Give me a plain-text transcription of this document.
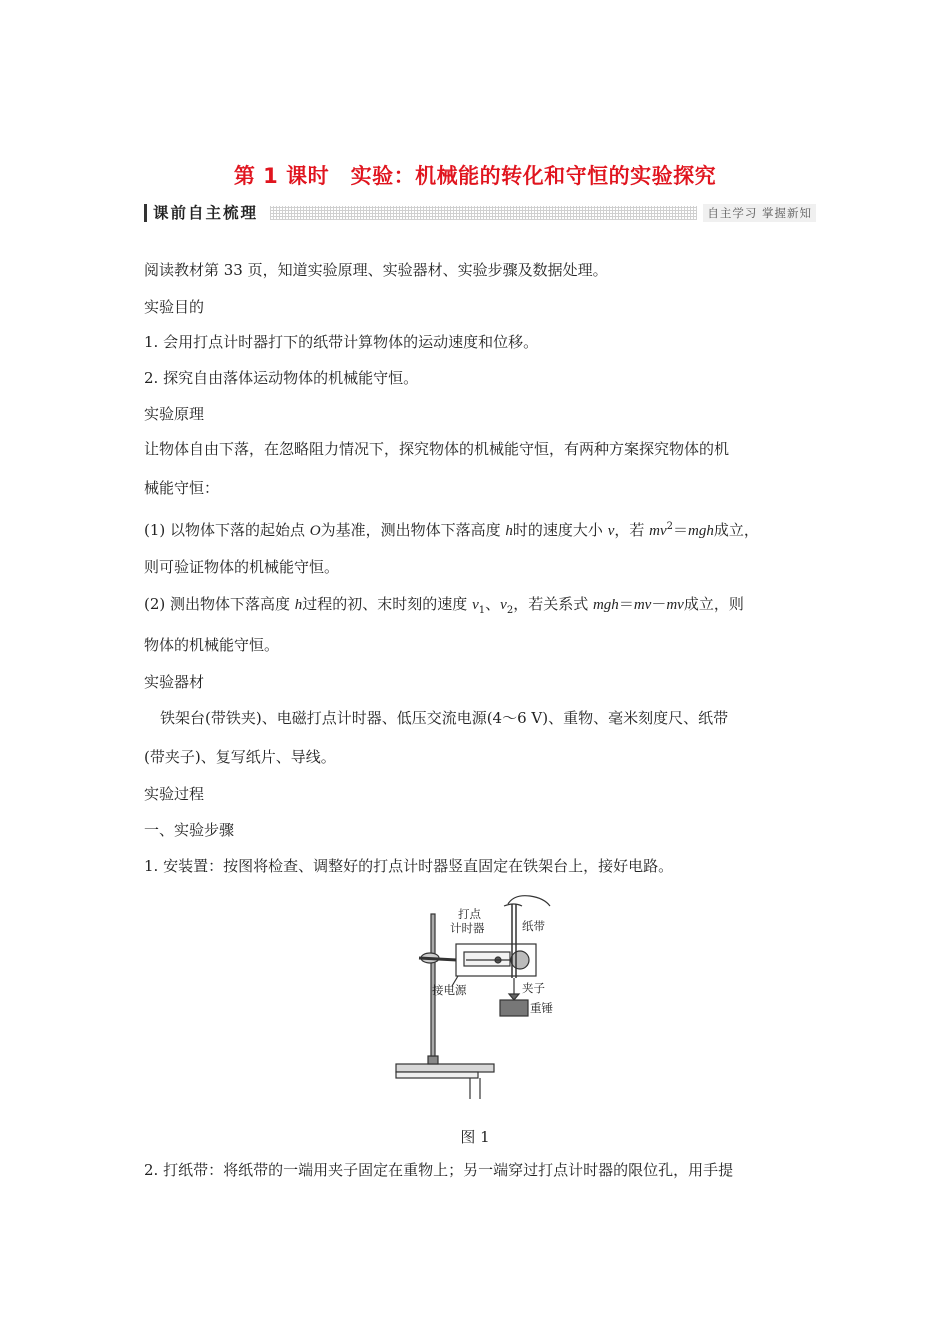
第 1 课时　实验：机械能的转化和守恒的实验探究
课前自主梳理	自主学习 掌握新知
阅读教材第 33 页，知道实验原理、实验器材、实验步骤及数据处理。
实验目的
1. 会用打点计时器打下的纸带计算物体的运动速度和位移。
2. 探究自由落体运动物体的机械能守恒。
实验原理
让物体自由下落，在忽略阻力情况下，探究物体的机械能守恒，有两种方案探究物体的机
械能守恒：
(1) 以物体下落的起始点 O为基准，测出物体下落高度 h时的速度大小 v，若 $mv^2=mgh$成立，
则可验证物体的机械能守恒。
(2) 测出物体下落高度 h过程的初、末时刻的速度 $v_1$、$v_2$，若关系式 mgh＝mv－mv成立，则
物体的机械能守恒。
实验器材
铁架台(带铁夹)、电磁打点计时器、低压交流电源(4～6 V)、重物、毫米刻度尺、纸带
(带夹子)、复写纸片、导线。
实验过程
一、实验步骤
1. 安装置：按图将检查、调整好的打点计时器竖直固定在铁架台上，接好电路。
打点
计时器	纸带
接电源	夹子
重锤
图 1
2. 打纸带：将纸带的一端用夹子固定在重物上；另一端穿过打点计时器的限位孔，用手提
